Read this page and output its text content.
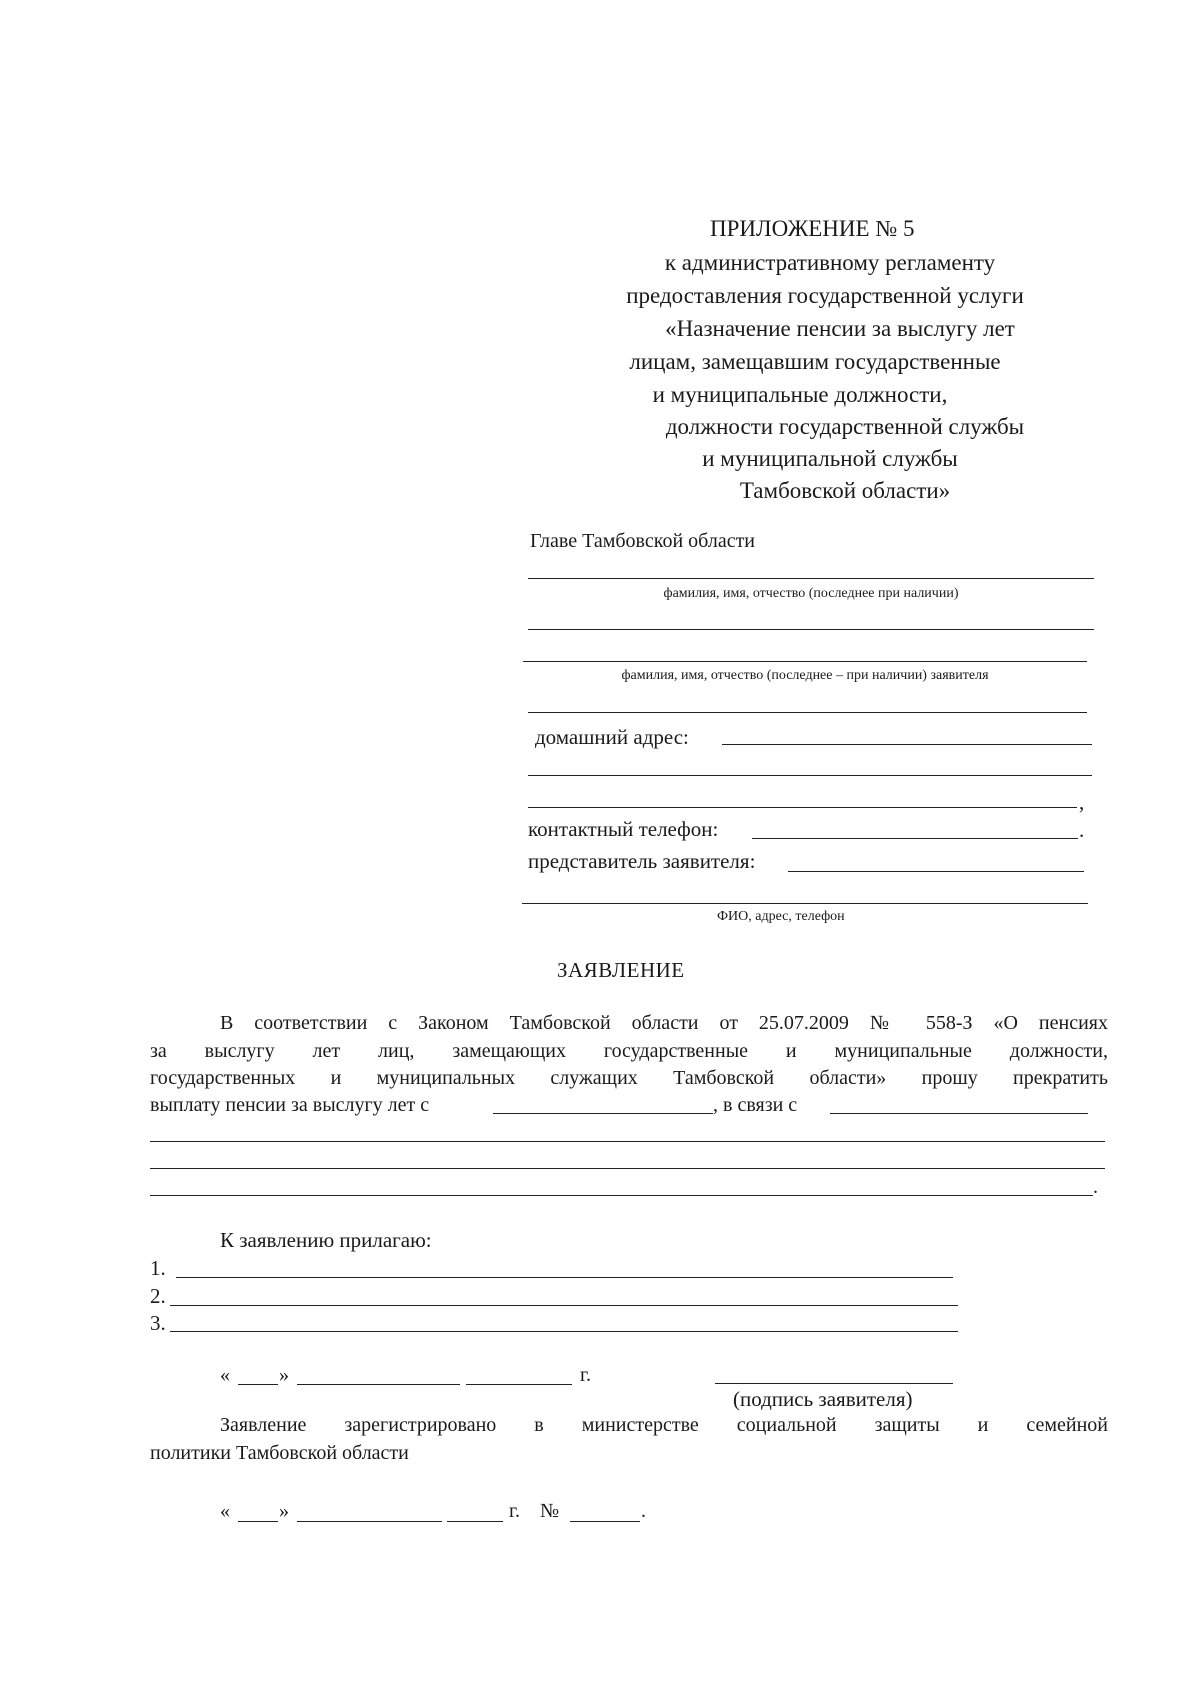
ПРИЛОЖЕНИЕ № 5
к административному регламенту
предоставления государственной услуги
«Назначение пенсии за выслугу лет
лицам, замещавшим государственные
и муниципальные должности,
должности государственной службы
и муниципальной службы
Тамбовской области»
Главе Тамбовской области
фамилия, имя, отчество (последнее при наличии)
фамилия, имя, отчество (последнее – при наличии) заявителя
домашний адрес:
,
контактный телефон:	.
представитель заявителя:
ФИО, адрес, телефон
ЗАЯВЛЕНИЕ
В соответствии с Законом Тамбовской области от 25.07.2009 № 558-З «О пенсиях
за выслугу лет лиц, замещающих государственные и муниципальные должности,
государственных и муниципальных служащих Тамбовской области» прошу прекратить
выплату пенсии за выслугу лет с	, в связи с
.
К заявлению прилагаю:
1.
2.
3.
« »	г.
(подпись заявителя)
Заявление зарегистрировано в министерстве социальной защиты и семейной
политики Тамбовской области
« »	г. №	.
